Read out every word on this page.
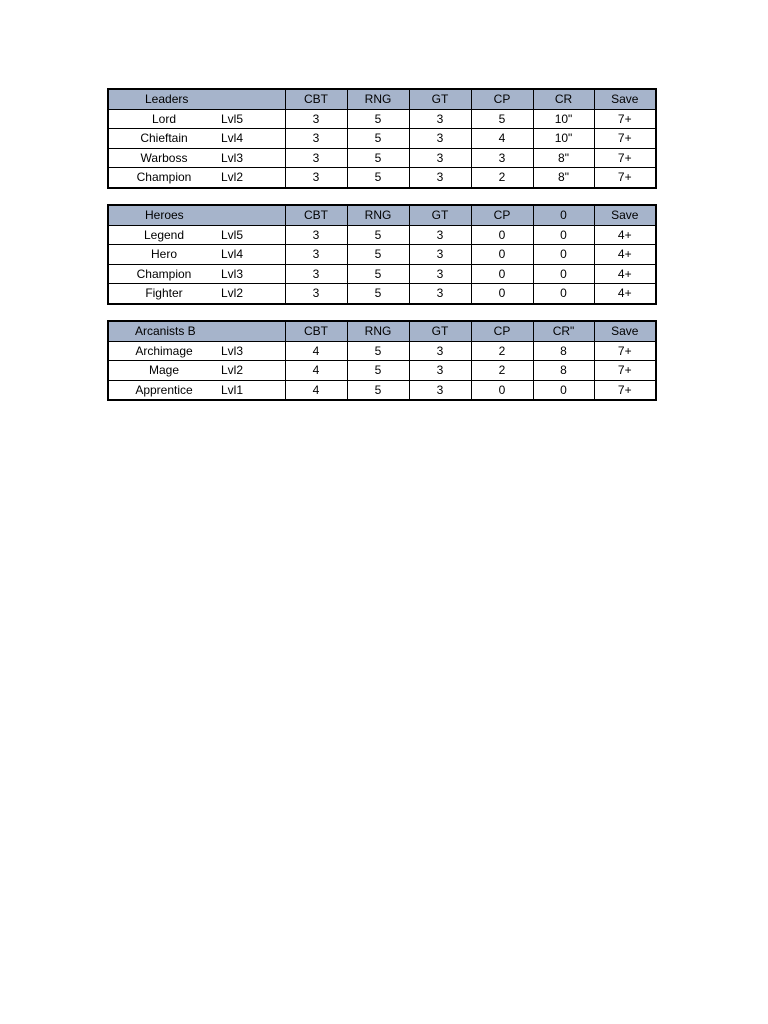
Leaders		CBT	RNG	GT	CP	CR	Save
Lord	Lvl5	3	5	3	5	10"	7+
Chieftain	Lvl4	3	5	3	4	10"	7+
Warboss	Lvl3	3	5	3	3	8"	7+
Champion	Lvl2	3	5	3	2	8"	7+
Heroes		CBT	RNG	GT	CP	0	Save
Legend	Lvl5	3	5	3	0	0	4+
Hero	Lvl4	3	5	3	0	0	4+
Champion	Lvl3	3	5	3	0	0	4+
Fighter	Lvl2	3	5	3	0	0	4+
Arcanists B		CBT	RNG	GT	CP	CR"	Save
Archimage	Lvl3	4	5	3	2	8	7+
Mage	Lvl2	4	5	3	2	8	7+
Apprentice	Lvl1	4	5	3	0	0	7+
